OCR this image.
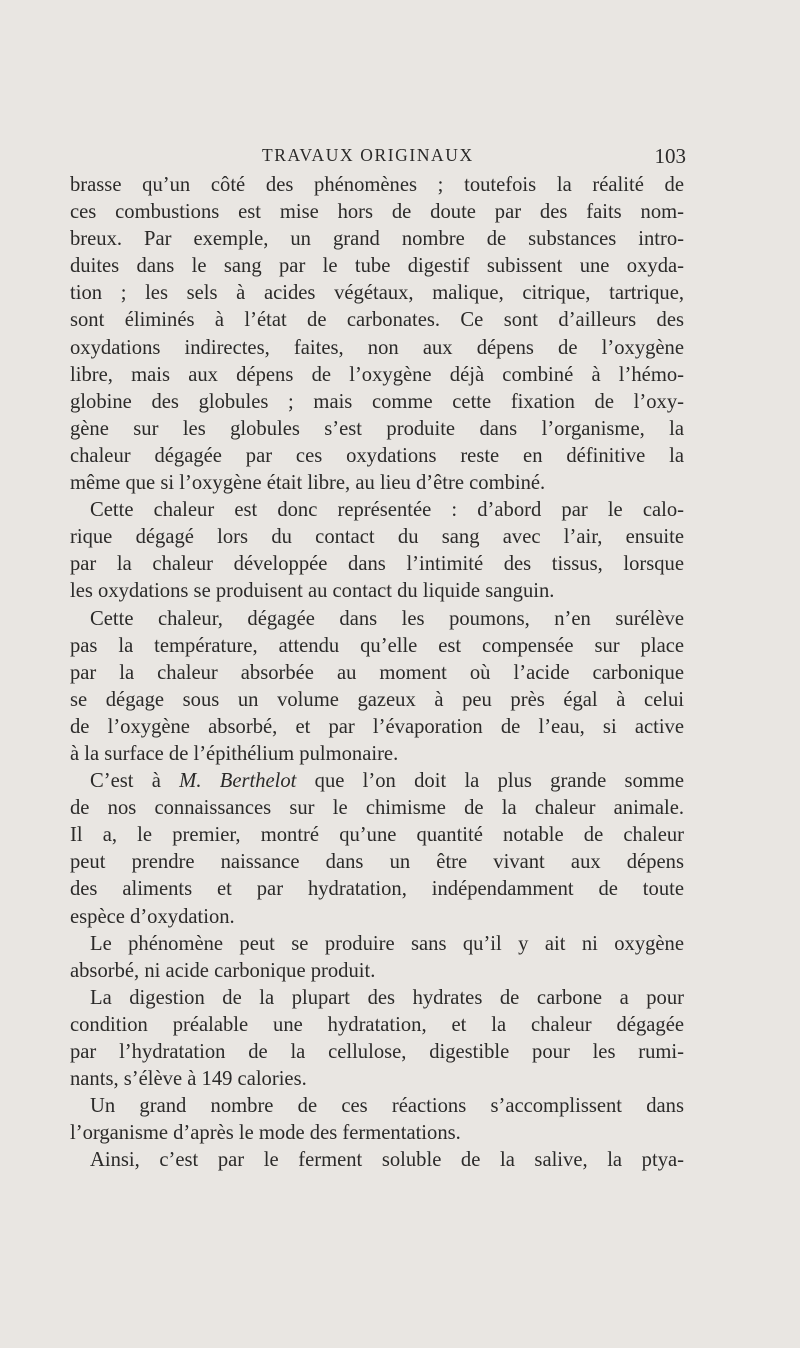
TRAVAUX ORIGINAUX	103
brasse qu’un côté des phénomènes ; toutefois la réalité de
ces combustions est mise hors de doute par des faits nom-
breux. Par exemple, un grand nombre de substances intro-
duites dans le sang par le tube digestif subissent une oxyda-
tion ; les sels à acides végétaux, malique, citrique, tartrique,
sont éliminés à l’état de carbonates. Ce sont d’ailleurs des
oxydations indirectes, faites, non aux dépens de l’oxygène
libre, mais aux dépens de l’oxygène déjà combiné à l’hémo-
globine des globules ; mais comme cette fixation de l’oxy-
gène sur les globules s’est produite dans l’organisme, la
chaleur dégagée par ces oxydations reste en définitive la
même que si l’oxygène était libre, au lieu d’être combiné.
Cette chaleur est donc représentée : d’abord par le calo-
rique dégagé lors du contact du sang avec l’air, ensuite
par la chaleur développée dans l’intimité des tissus, lorsque
les oxydations se produisent au contact du liquide sanguin.
Cette chaleur, dégagée dans les poumons, n’en surélève
pas la température, attendu qu’elle est compensée sur place
par la chaleur absorbée au moment où l’acide carbonique
se dégage sous un volume gazeux à peu près égal à celui
de l’oxygène absorbé, et par l’évaporation de l’eau, si active
à la surface de l’épithélium pulmonaire.
C’est à M. Berthelot que l’on doit la plus grande somme
de nos connaissances sur le chimisme de la chaleur animale.
Il a, le premier, montré qu’une quantité notable de chaleur
peut prendre naissance dans un être vivant aux dépens
des aliments et par hydratation, indépendamment de toute
espèce d’oxydation.
Le phénomène peut se produire sans qu’il y ait ni oxygène
absorbé, ni acide carbonique produit.
La digestion de la plupart des hydrates de carbone a pour
condition préalable une hydratation, et la chaleur dégagée
par l’hydratation de la cellulose, digestible pour les rumi-
nants, s’élève à 149 calories.
Un grand nombre de ces réactions s’accomplissent dans
l’organisme d’après le mode des fermentations.
Ainsi, c’est par le ferment soluble de la salive, la ptya-
